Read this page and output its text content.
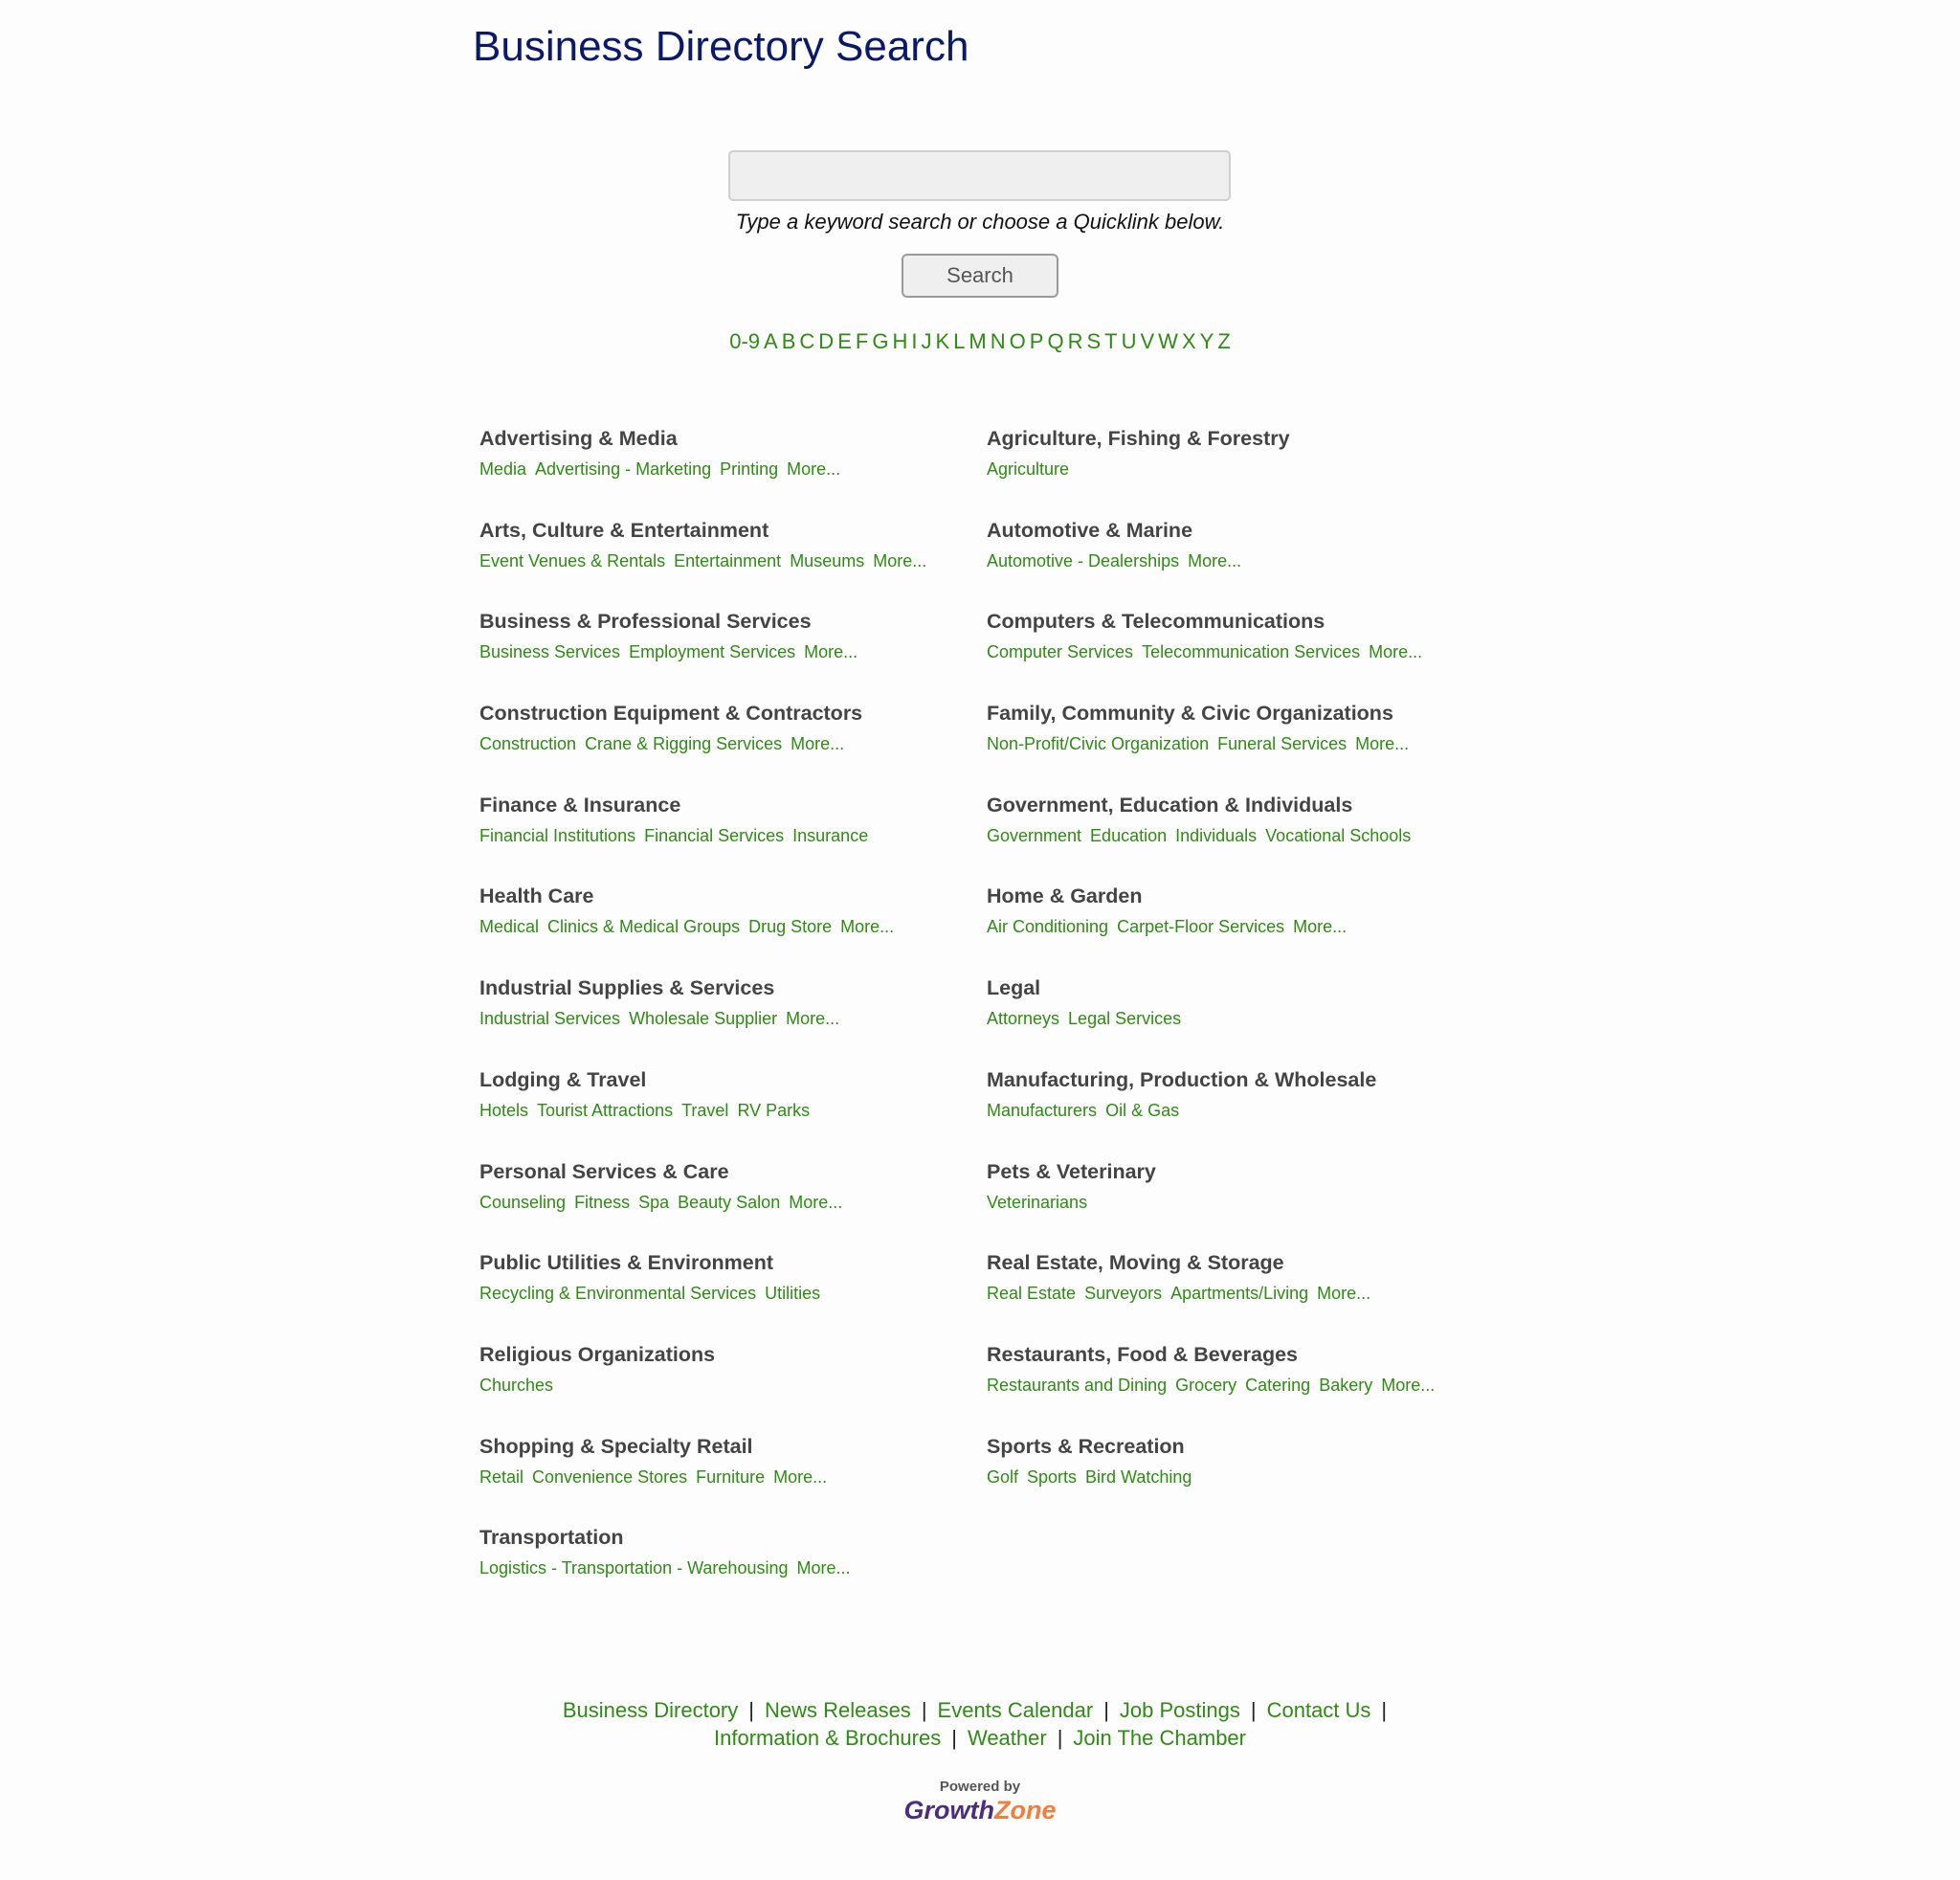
Business Directory Search
Type a keyword search or choose a Quicklink below.
Search
0-9 A B C D E F G H I J K L M N O P Q R S T U V W X Y Z
Advertising & Media
Media Advertising - Marketing Printing More...
Agriculture, Fishing & Forestry
Agriculture
Arts, Culture & Entertainment
Event Venues & Rentals Entertainment Museums More...
Automotive & Marine
Automotive - Dealerships More...
Business & Professional Services
Business Services Employment Services More...
Computers & Telecommunications
Computer Services Telecommunication Services More...
Construction Equipment & Contractors
Construction Crane & Rigging Services More...
Family, Community & Civic Organizations
Non-Profit/Civic Organization Funeral Services More...
Finance & Insurance
Financial Institutions Financial Services Insurance
Government, Education & Individuals
Government Education Individuals Vocational Schools
Health Care
Medical Clinics & Medical Groups Drug Store More...
Home & Garden
Air Conditioning Carpet-Floor Services More...
Industrial Supplies & Services
Industrial Services Wholesale Supplier More...
Legal
Attorneys Legal Services
Lodging & Travel
Hotels Tourist Attractions Travel RV Parks
Manufacturing, Production & Wholesale
Manufacturers Oil & Gas
Personal Services & Care
Counseling Fitness Spa Beauty Salon More...
Pets & Veterinary
Veterinarians
Public Utilities & Environment
Recycling & Environmental Services Utilities
Real Estate, Moving & Storage
Real Estate Surveyors Apartments/Living More...
Religious Organizations
Churches
Restaurants, Food & Beverages
Restaurants and Dining Grocery Catering Bakery More...
Shopping & Specialty Retail
Retail Convenience Stores Furniture More...
Sports & Recreation
Golf Sports Bird Watching
Transportation
Logistics - Transportation - Warehousing More...
Business Directory | News Releases | Events Calendar | Job Postings | Contact Us |
Information & Brochures | Weather | Join The Chamber
Powered by
GrowthZone
